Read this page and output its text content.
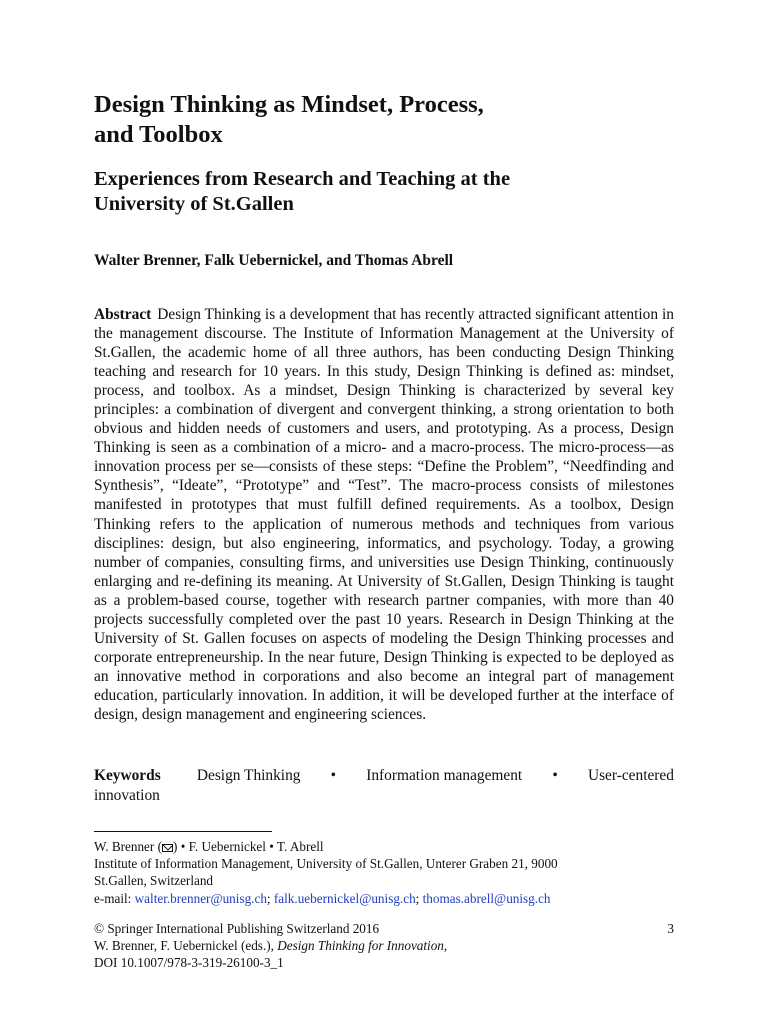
Design Thinking as Mindset, Process,
and Toolbox
Experiences from Research and Teaching at the
University of St.Gallen

Walter Brenner, Falk Uebernickel, and Thomas Abrell

Abstract Design Thinking is a development that has recently attracted significant attention in the management discourse. The Institute of Information Management at the University of St.Gallen, the academic home of all three authors, has been conducting Design Thinking teaching and research for 10 years. In this study, Design Thinking is defined as: mindset, process, and toolbox. As a mindset, Design Thinking is characterized by several key principles: a combination of divergent and convergent thinking, a strong orientation to both obvious and hidden needs of customers and users, and prototyping. As a process, Design Thinking is seen as a combination of a micro- and a macro-process. The micro-process—as innovation process per se—consists of these steps: “Define the Problem”, “Needfinding and Synthesis”, “Ideate”, “Prototype” and “Test”. The macro-process consists of milestones manifested in prototypes that must fulfill defined requirements. As a toolbox, Design Thinking refers to the application of numerous methods and techniques from various disciplines: design, but also engineering, informatics, and psychology. Today, a growing number of companies, consulting firms, and universities use Design Thinking, continuously enlarging and re-defining its meaning. At University of St.Gallen, Design Thinking is taught as a problem-based course, together with research partner companies, with more than 40 projects successfully completed over the past 10 years. Research in Design Thinking at the University of St. Gallen focuses on aspects of modeling the Design Thinking processes and corporate entrepreneurship. In the near future, Design Thinking is expected to be deployed as an innovative method in corporations and also become an integral part of management education, particularly innovation. In addition, it will be developed further at the interface of design, design management and engineering sciences.

Keywords Design Thinking • Information management • User-centered
innovation
W. Brenner ( ) • F. Uebernickel • T. Abrell
Institute of Information Management, University of St.Gallen, Unterer Graben 21, 9000
St.Gallen, Switzerland
e-mail: walter.brenner@unisg.ch; falk.uebernickel@unisg.ch; thomas.abrell@unisg.ch
© Springer International Publishing Switzerland 2016	3
W. Brenner, F. Uebernickel (eds.), Design Thinking for Innovation,
DOI 10.1007/978-3-319-26100-3_1
